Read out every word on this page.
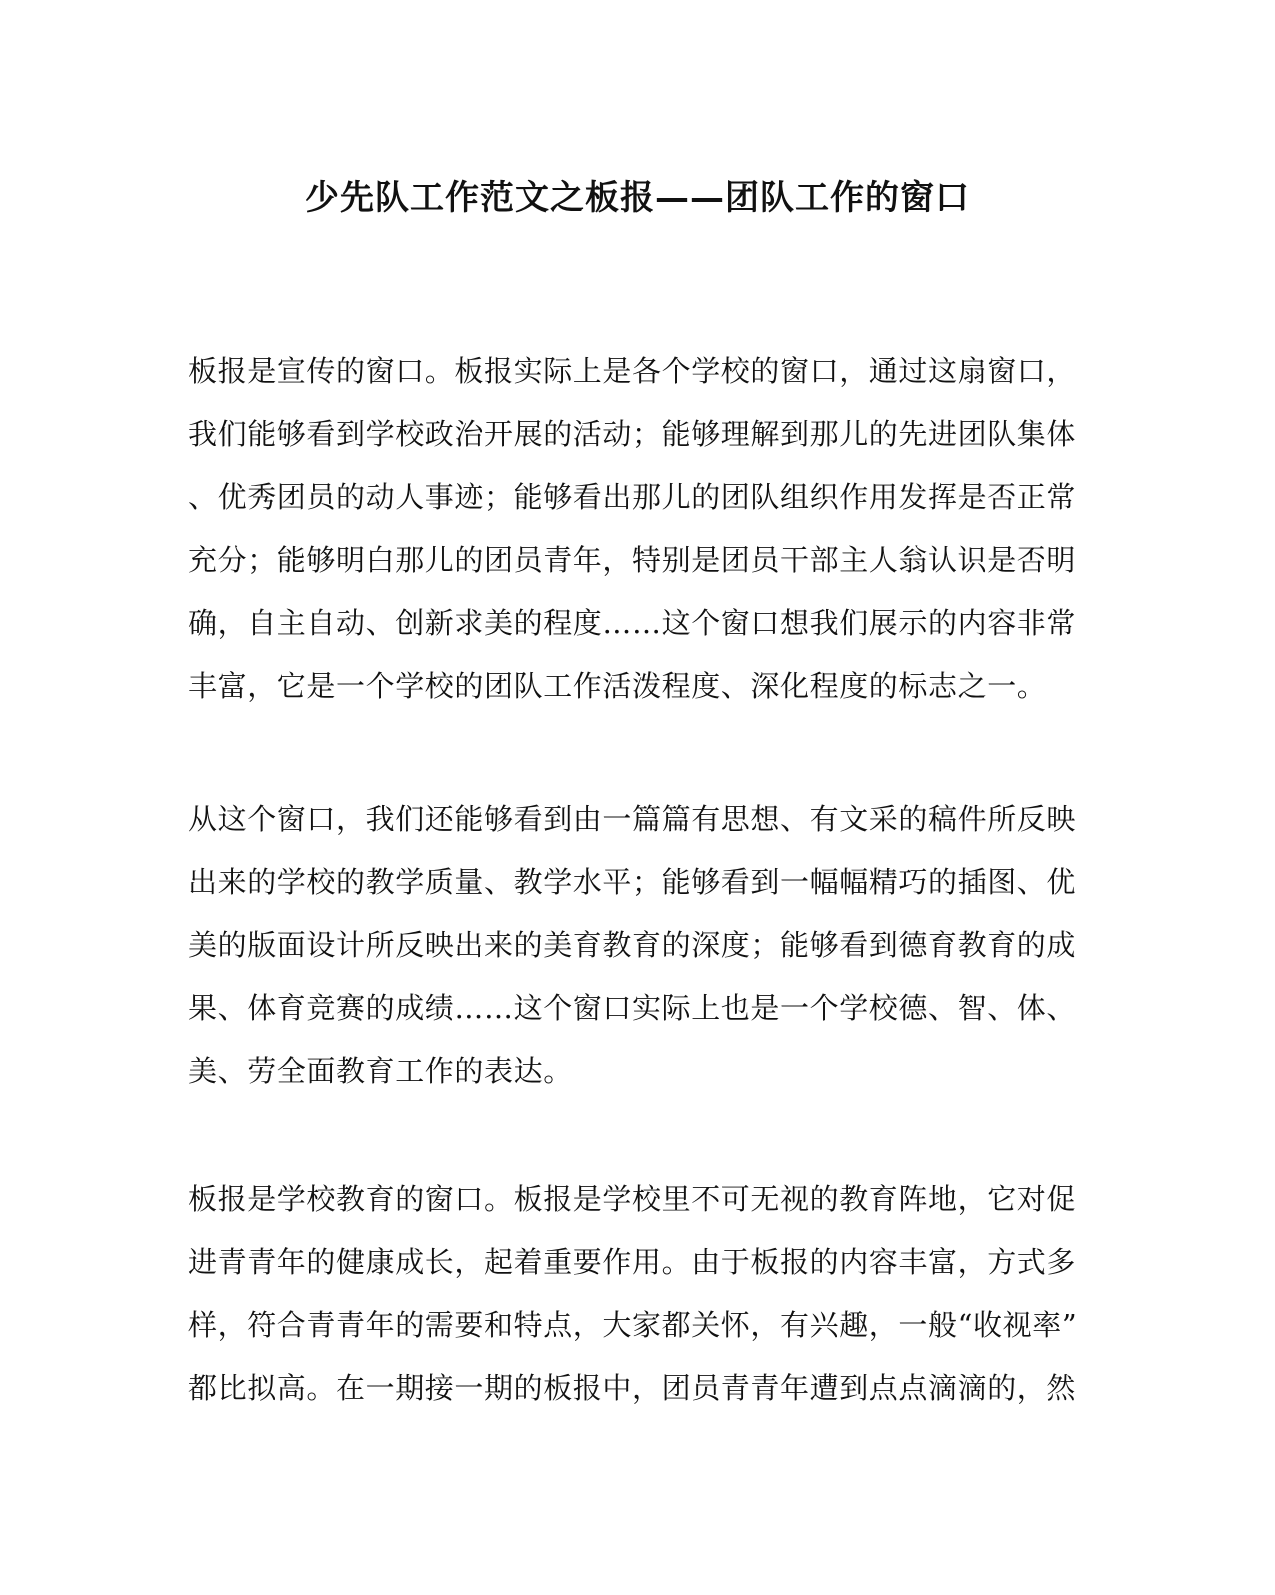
少先队工作范文之板报——团队工作的窗口
板报是宣传的窗口。板报实际上是各个学校的窗口，通过这扇窗口，
我们能够看到学校政治开展的活动；能够理解到那儿的先进团队集体
、优秀团员的动人事迹；能够看出那儿的团队组织作用发挥是否正常
充分；能够明白那儿的团员青年，特别是团员干部主人翁认识是否明
确，自主自动、创新求美的程度……这个窗口想我们展示的内容非常
丰富，它是一个学校的团队工作活泼程度、深化程度的标志之一。
从这个窗口，我们还能够看到由一篇篇有思想、有文采的稿件所反映
出来的学校的教学质量、教学水平；能够看到一幅幅精巧的插图、优
美的版面设计所反映出来的美育教育的深度；能够看到德育教育的成
果、体育竞赛的成绩……这个窗口实际上也是一个学校德、智、体、
美、劳全面教育工作的表达。
板报是学校教育的窗口。板报是学校里不可无视的教育阵地，它对促
进青青年的健康成长，起着重要作用。由于板报的内容丰富，方式多
样，符合青青年的需要和特点，大家都关怀，有兴趣，一般“收视率”
都比拟高。在一期接一期的板报中，团员青青年遭到点点滴滴的，然
